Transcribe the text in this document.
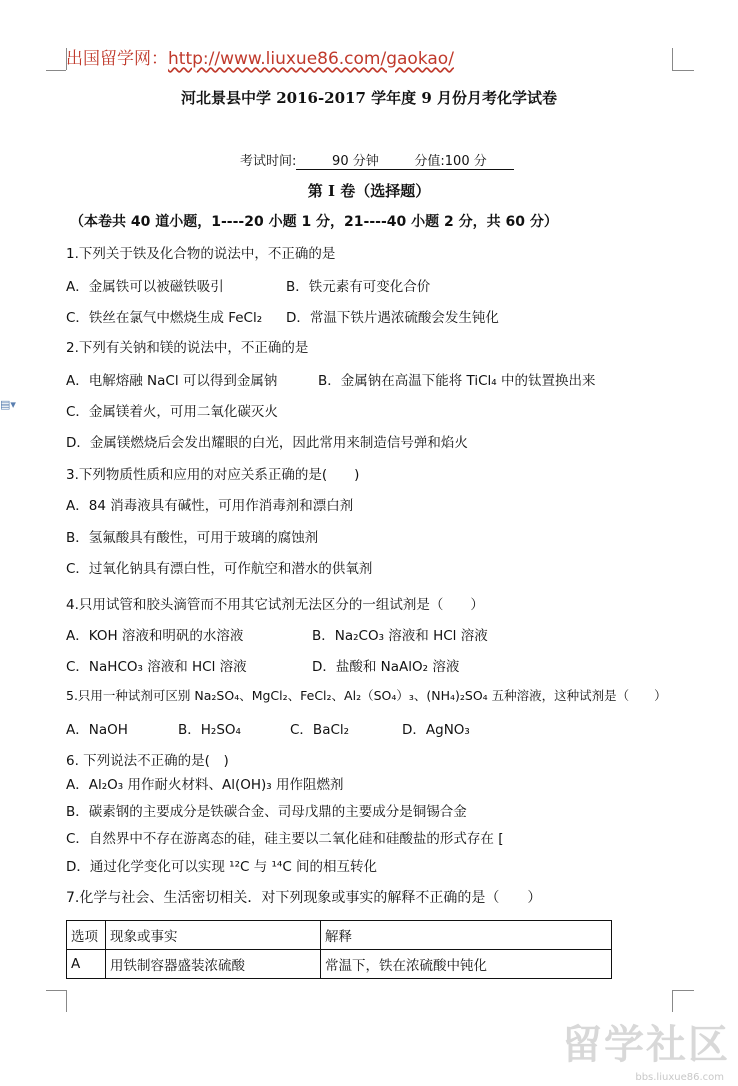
出国留学网：http://www.liuxue86.com/gaokao/
河北景县中学 2016-2017 学年度 9 月份月考化学试卷
考试时间:	90 分钟	分值:100 分
第 I 卷（选择题）
（本卷共 40 道小题，1----20 小题 1 分，21----40 小题 2 分，共 60 分）
▤▾
1.下列关于铁及化合物的说法中，不正确的是
A．金属铁可以被磁铁吸引	B．铁元素有可变化合价
C．铁丝在氯气中燃烧生成 FeCl₂ D．常温下铁片遇浓硫酸会发生钝化
2.下列有关钠和镁的说法中，不正确的是
A．电解熔融 NaCl 可以得到金属钠	B．金属钠在高温下能将 TiCl₄ 中的钛置换出来
C．金属镁着火，可用二氧化碳灭火
D．金属镁燃烧后会发出耀眼的白光，因此常用来制造信号弹和焰火
3.下列物质性质和应用的对应关系正确的是(　　)
A．84 消毒液具有碱性，可用作消毒剂和漂白剂
B．氢氟酸具有酸性，可用于玻璃的腐蚀剂
C．过氧化钠具有漂白性，可作航空和潜水的供氧剂
4.只用试管和胶头滴管而不用其它试剂无法区分的一组试剂是（　　）
A．KOH 溶液和明矾的水溶液	B．Na₂CO₃ 溶液和 HCl 溶液
C．NaHCO₃ 溶液和 HCl 溶液	D．盐酸和 NaAlO₂ 溶液
5.只用一种试剂可区别 Na₂SO₄、MgCl₂、FeCl₂、Al₂（SO₄）₃、(NH₄)₂SO₄ 五种溶液，这种试剂是（　　）
A．NaOH	B．H₂SO₄	C．BaCl₂	D．AgNO₃
6. 下列说法不正确的是(　)
A．Al₂O₃ 用作耐火材料、Al(OH)₃ 用作阻燃剂
B．碳素钢的主要成分是铁碳合金、司母戊鼎的主要成分是铜锡合金
C．自然界中不存在游离态的硅，硅主要以二氧化硅和硅酸盐的形式存在 [
D．通过化学变化可以实现 ¹²C 与 ¹⁴C 间的相互转化
7.化学与社会、生活密切相关．对下列现象或事实的解释不正确的是（　　）
选项	现象或事实	解释
A	用铁制容器盛装浓硫酸	常温下，铁在浓硫酸中钝化
留学社区
bbs.liuxue86.com
